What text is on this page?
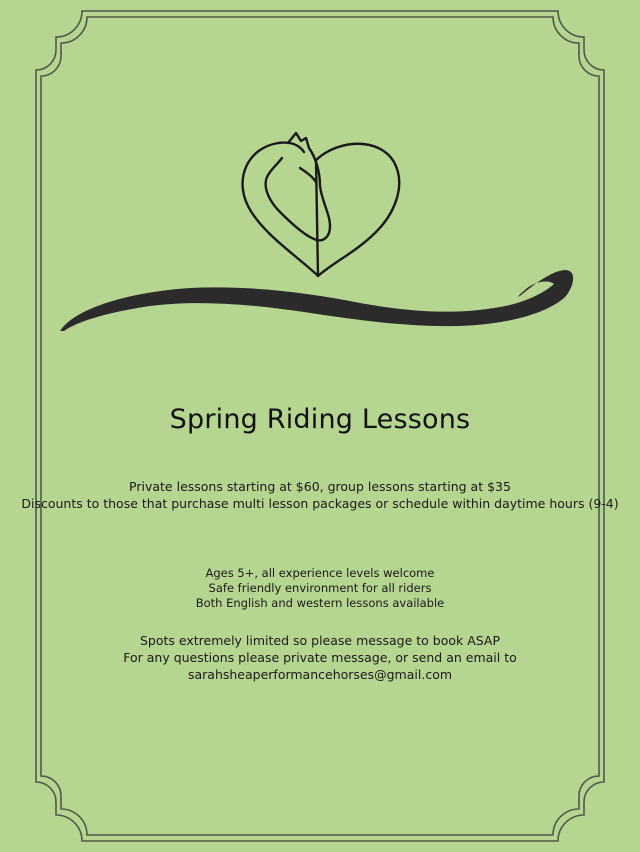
Spring Riding Lessons
Private lessons starting at $60, group lessons starting at $35
Discounts to those that purchase multi lesson packages or schedule within daytime hours (9-4)
Ages 5+, all experience levels welcome
Safe friendly environment for all riders
Both English and western lessons available
Spots extremely limited so please message to book ASAP
For any questions please private message, or send an email to
sarahsheaperformancehorses@gmail.com
